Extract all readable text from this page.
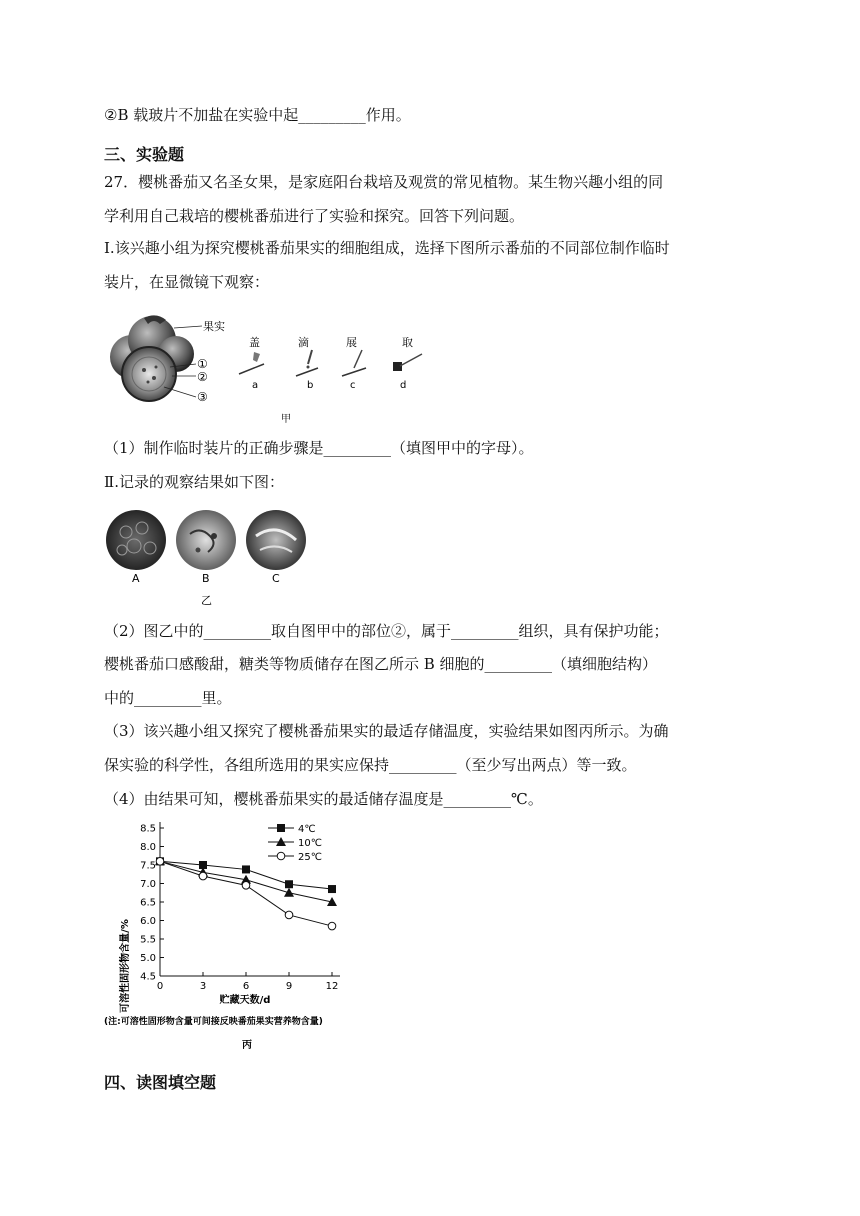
②B 载玻片不加盐在实验中起_________作用。
三、实验题
27．樱桃番茄又名圣女果，是家庭阳台栽培及观赏的常见植物。某生物兴趣小组的同
学利用自己栽培的樱桃番茄进行了实验和探究。回答下列问题。
I.该兴趣小组为探究樱桃番茄果实的细胞组成，选择下图所示番茄的不同部位制作临时
装片，在显微镜下观察：
果实
①
②
③
盖
a
滴
b
展
c
取
d
甲
（1）制作临时装片的正确步骤是_________（填图甲中的字母）。
Ⅱ.记录的观察结果如下图：
A	B	C
乙
（2）图乙中的_________取自图甲中的部位②，属于_________组织，具有保护功能；
樱桃番茄口感酸甜，糖类等物质储存在图乙所示 B 细胞的_________（填细胞结构）
中的_________里。
（3）该兴趣小组又探究了樱桃番茄果实的最适存储温度，实验结果如图丙所示。为确
保实验的科学性，各组所选用的果实应保持_________（至少写出两点）等一致。
（4）由结果可知，樱桃番茄果实的最适储存温度是_________℃。
8.5
8.0
7.5
7.0
6.5
6.0
5.5
5.0
4.5
0	3	6	9	12
4℃
10℃
25℃
可溶性固形物含量/%	贮藏天数/d
(注:可溶性固形物含量可间接反映番茄果实营养物含量)
丙
四、读图填空题
